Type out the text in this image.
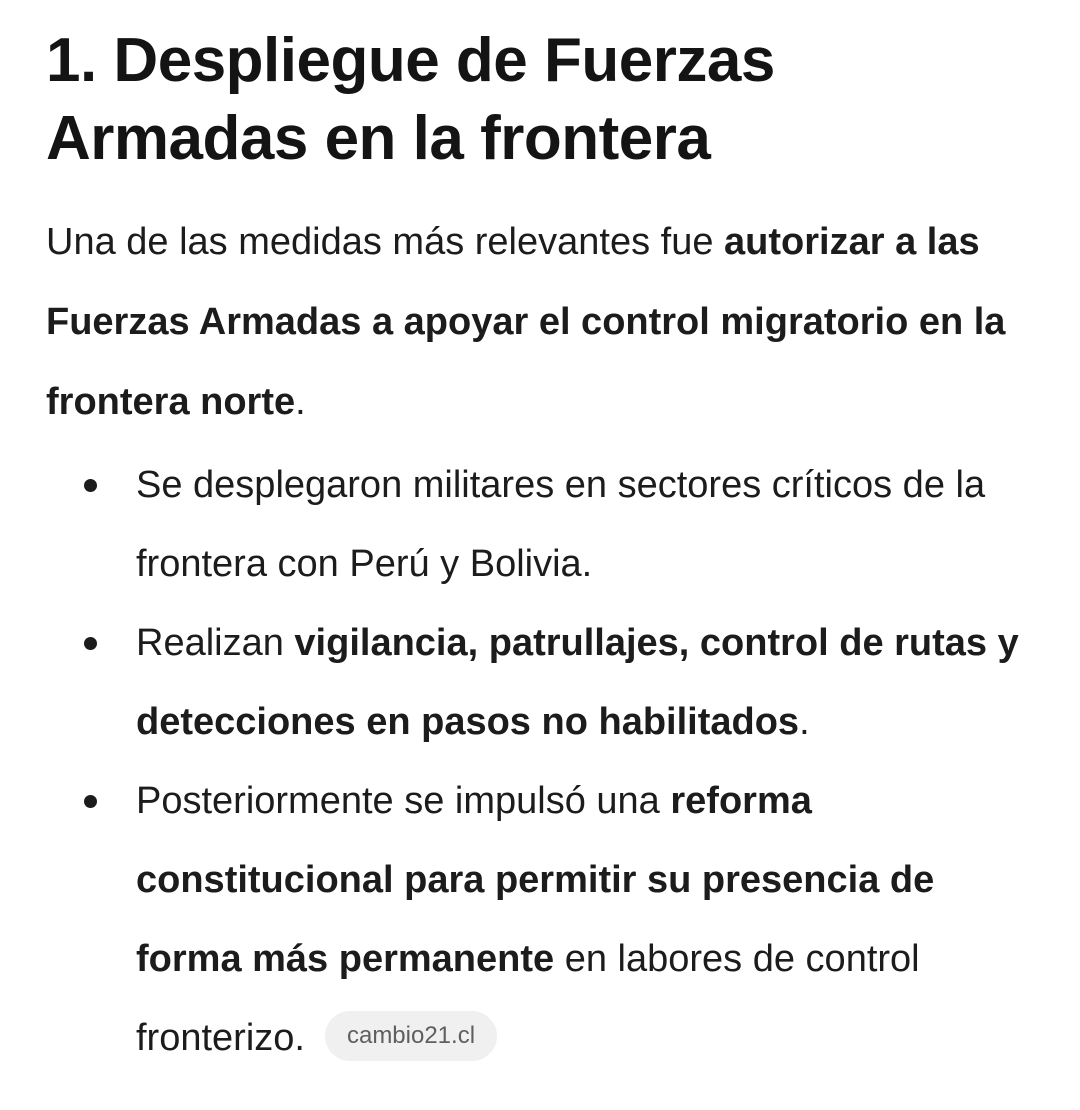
1. Despliegue de Fuerzas Armadas en la frontera

Una de las medidas más relevantes fue autorizar a las Fuerzas Armadas a apoyar el control migratorio en la frontera norte.

Se desplegaron militares en sectores críticos de la frontera con Perú y Bolivia.
Realizan vigilancia, patrullajes, control de rutas y detecciones en pasos no habilitados.
Posteriormente se impulsó una reforma constitucional para permitir su presencia de forma más permanente en labores de control fronterizo. cambio21.cl
